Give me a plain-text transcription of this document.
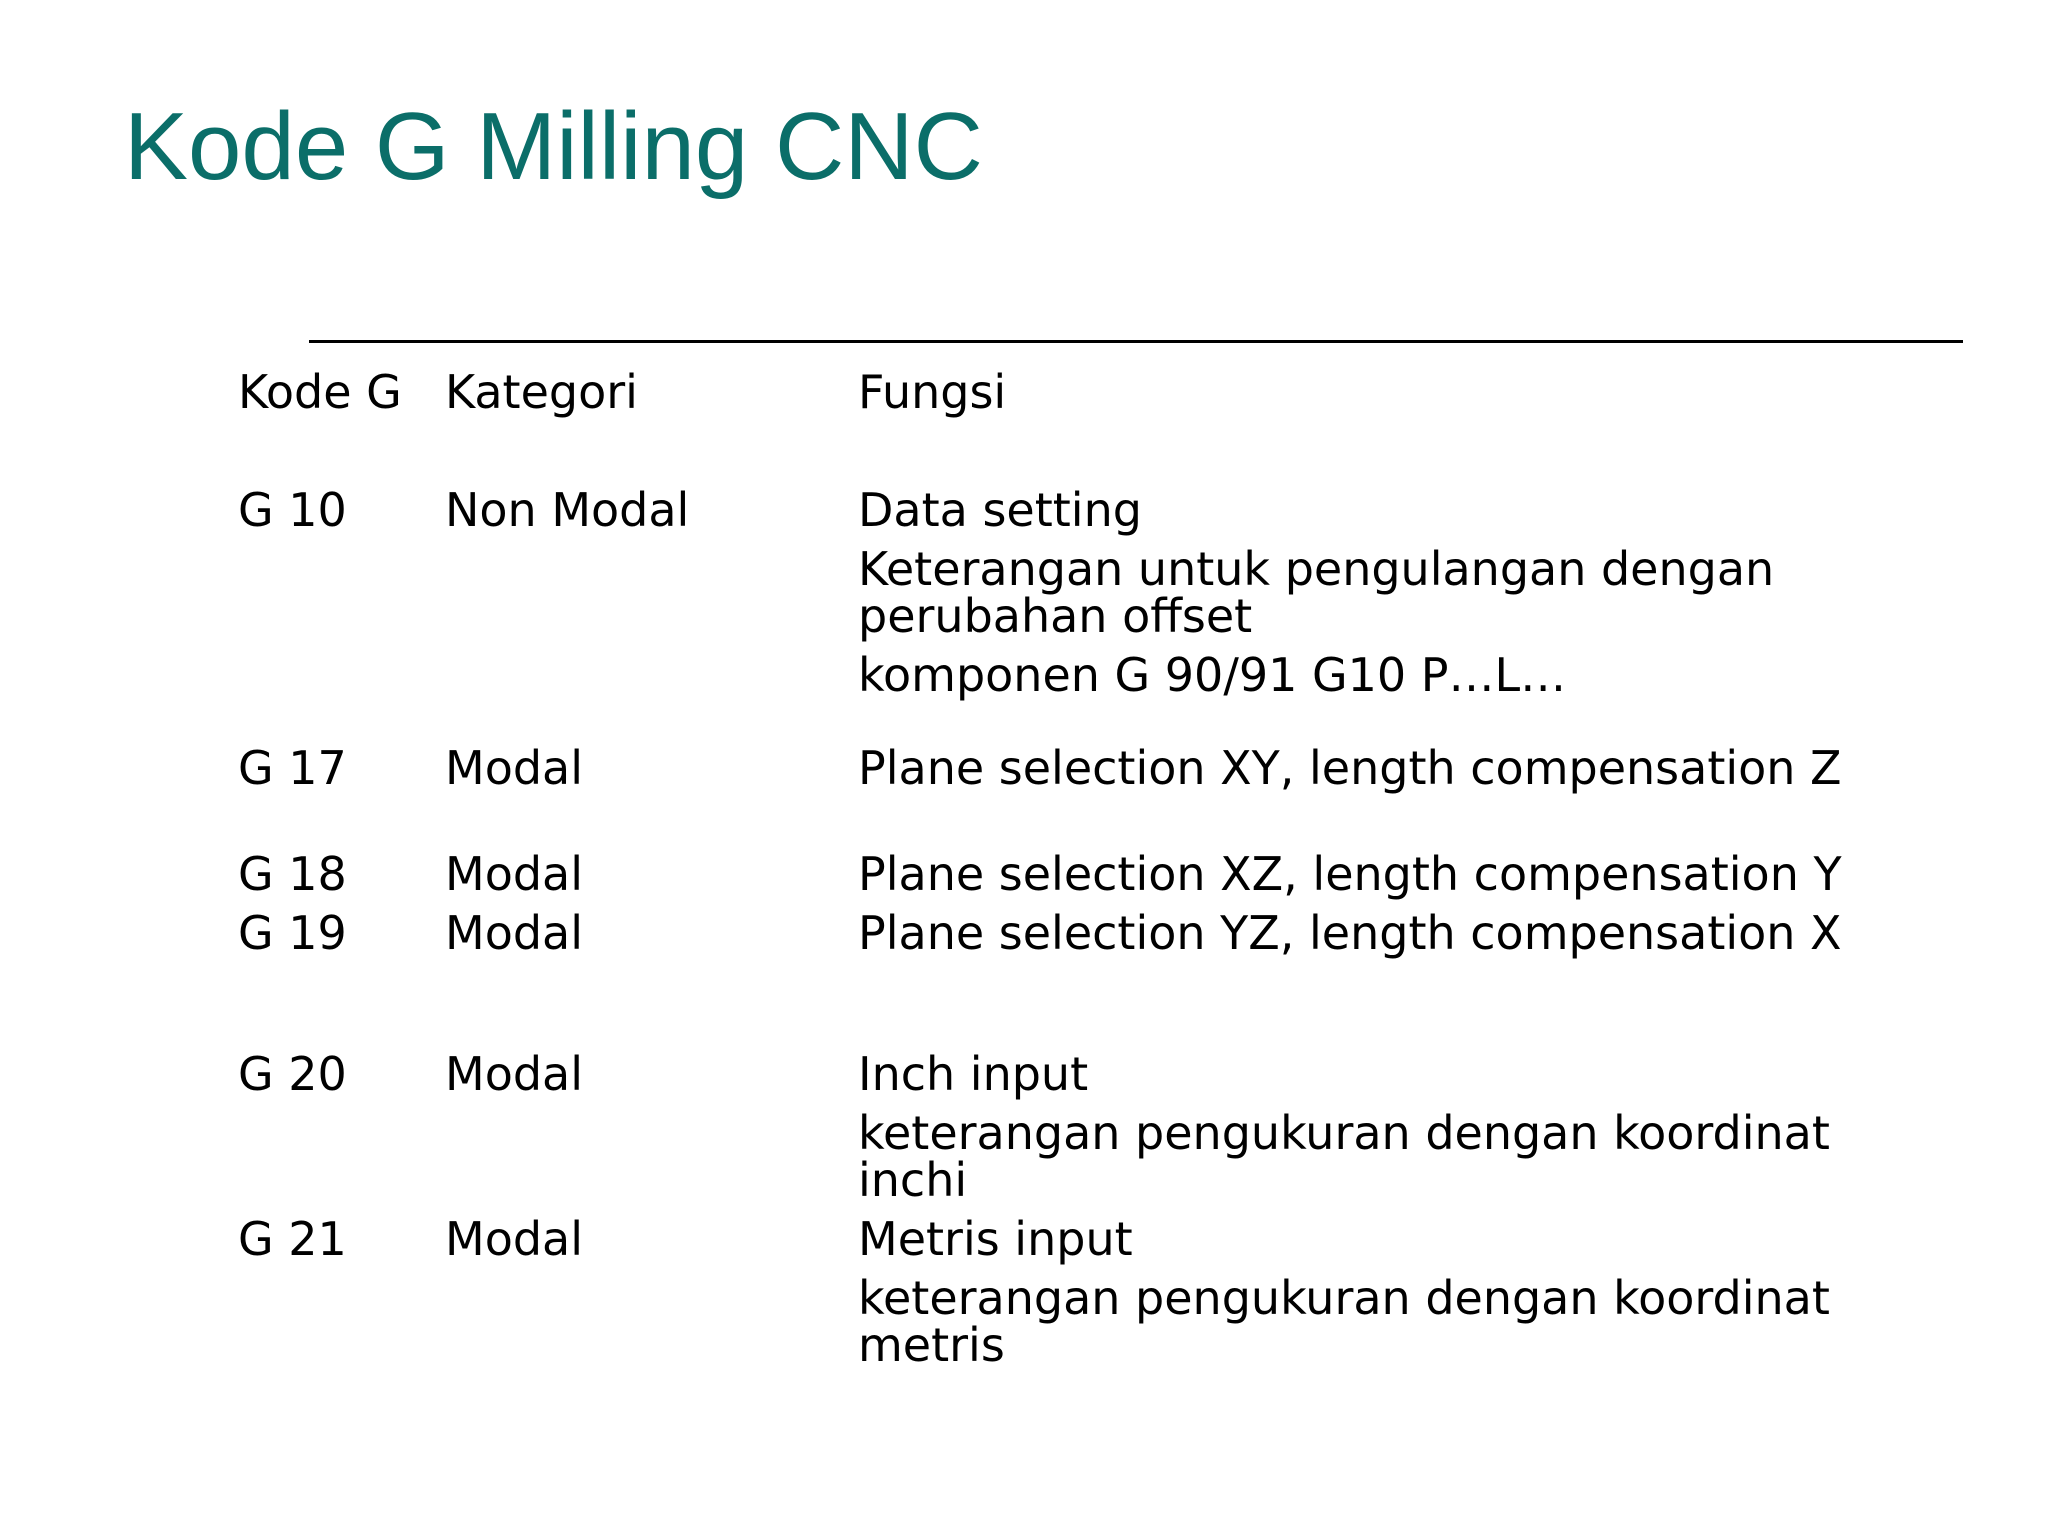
Kode G Milling CNC
Kode G Kategori	Fungsi
G 10 Non Modal	Data setting
Keterangan untuk pengulangan dengan
perubahan offset
komponen G 90/91 G10 P…L…
G 17 Modal	Plane selection XY, length compensation Z
G 18 Modal	Plane selection XZ, length compensation Y
G 19 Modal	Plane selection YZ, length compensation X
G 20 Modal	Inch input
keterangan pengukuran dengan koordinat
inchi
G 21 Modal	Metris input
keterangan pengukuran dengan koordinat
metris
